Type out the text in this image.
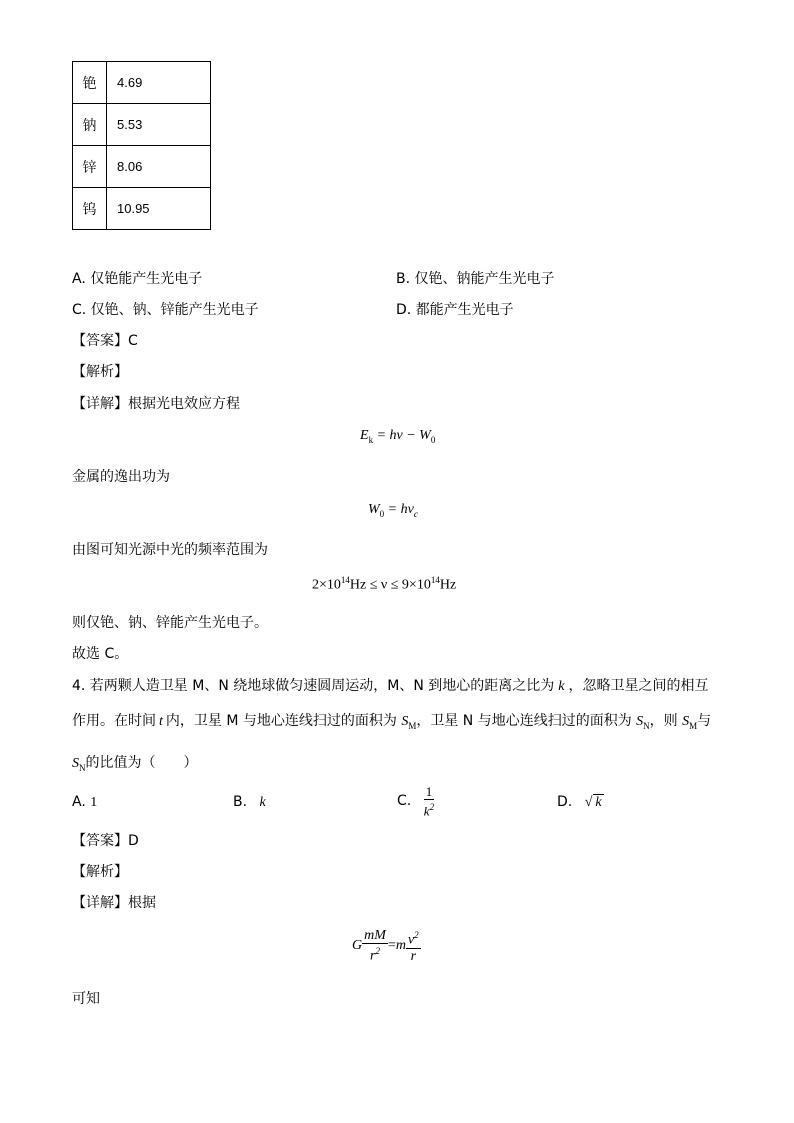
铯	4.69
钠	5.53
锌	8.06
钨	10.95
A. 仅铯能产生光电子	B. 仅铯、钠能产生光电子
C. 仅铯、钠、锌能产生光电子	D. 都能产生光电子
【答案】C
【解析】
【详解】根据光电效应方程
$E_k = h\nu - W_0$
金属的逸出功为
$W_0 = h\nu_c$
由图可知光源中光的频率范围为
$2\times 10^{14}Hz \le \nu \le 9\times 10^{14}Hz$
则仅铯、钠、锌能产生光电子。
故选 C。
4. 若两颗人造卫星 M、N 绕地球做匀速圆周运动，M、N 到地心的距离之比为 k ，忽略卫星之间的相互
作用。在时间 t 内，卫星 M 与地心连线扫过的面积为 $S_M$，卫星 N 与地心连线扫过的面积为 $S_N$，则 $S_M$与
$S_N$的比值为（　　）
A. 1	B. k	C. $\frac{1}{k^2}$	D. √ k
【答案】D
【解析】
【详解】根据
G $\frac{mM}{r^2} =m \frac{v^2}{r}$
可知
